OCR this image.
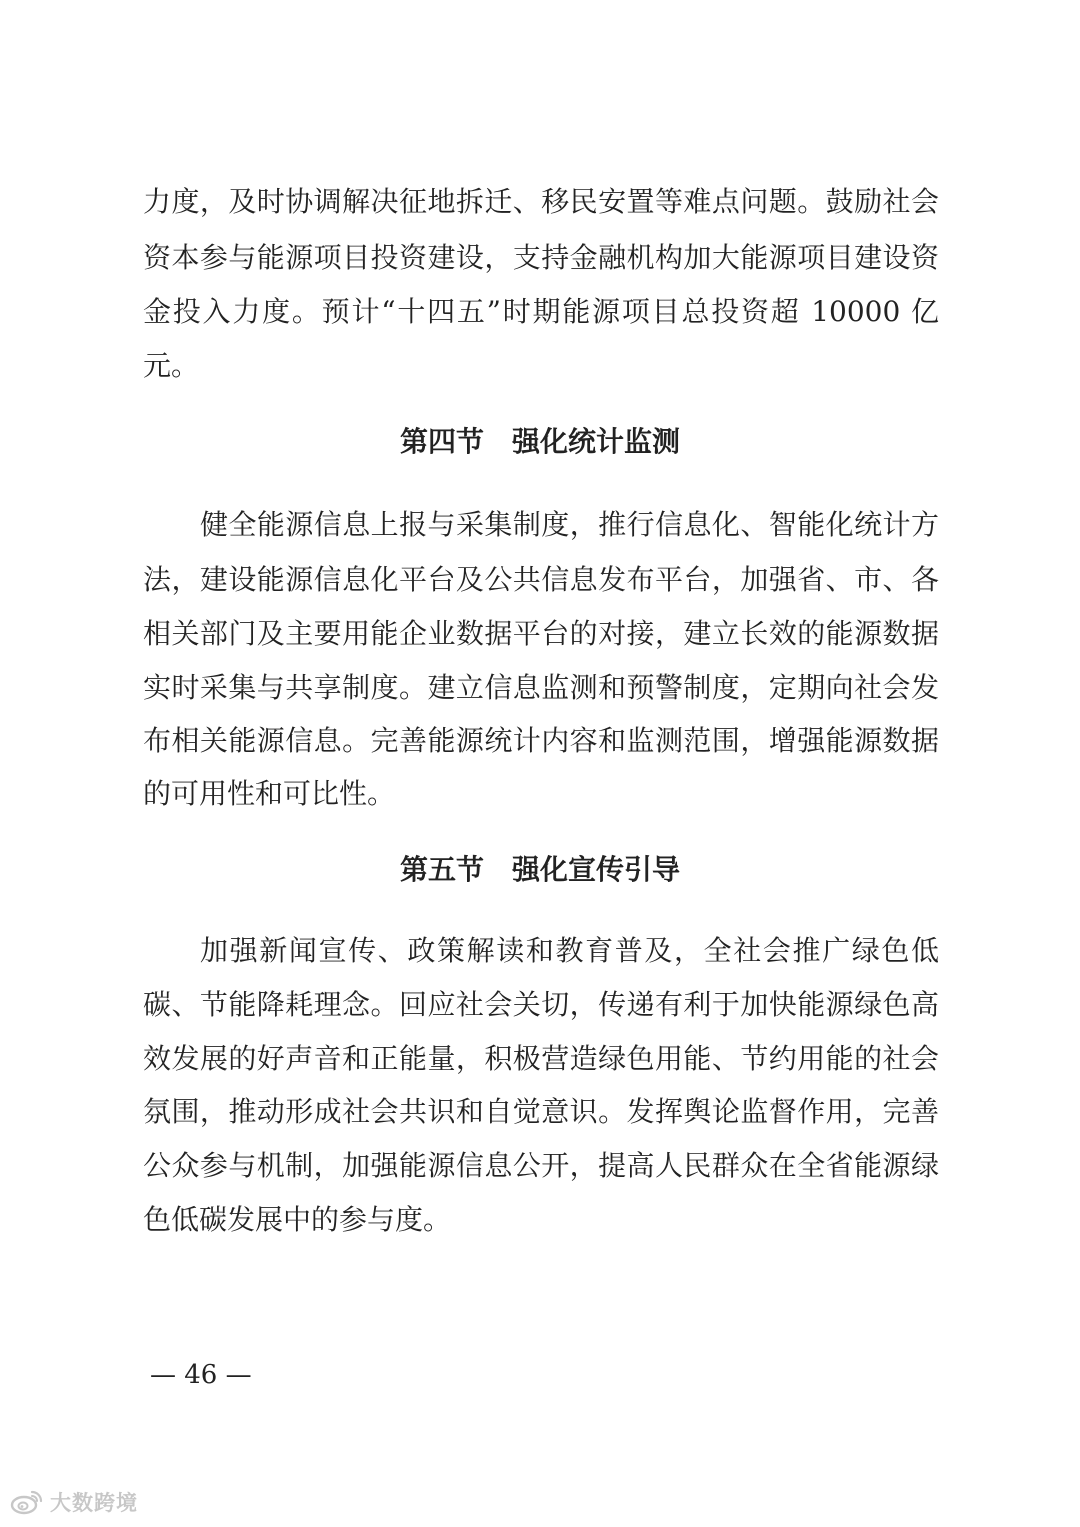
力度，及时协调解决征地拆迁、移民安置等难点问题。鼓励社会
资本参与能源项目投资建设，支持金融机构加大能源项目建设资
金投入力度。预计“十四五”时期能源项目总投资超 10000 亿
元。
第四节　强化统计监测
健全能源信息上报与采集制度，推行信息化、智能化统计方
法，建设能源信息化平台及公共信息发布平台，加强省、市、各
相关部门及主要用能企业数据平台的对接，建立长效的能源数据
实时采集与共享制度。建立信息监测和预警制度，定期向社会发
布相关能源信息。完善能源统计内容和监测范围，增强能源数据
的可用性和可比性。
第五节　强化宣传引导
加强新闻宣传、政策解读和教育普及，全社会推广绿色低
碳、节能降耗理念。回应社会关切，传递有利于加快能源绿色高
效发展的好声音和正能量，积极营造绿色用能、节约用能的社会
氛围，推动形成社会共识和自觉意识。发挥舆论监督作用，完善
公众参与机制，加强能源信息公开，提高人民群众在全省能源绿
色低碳发展中的参与度。
— 46 —
大数跨境
